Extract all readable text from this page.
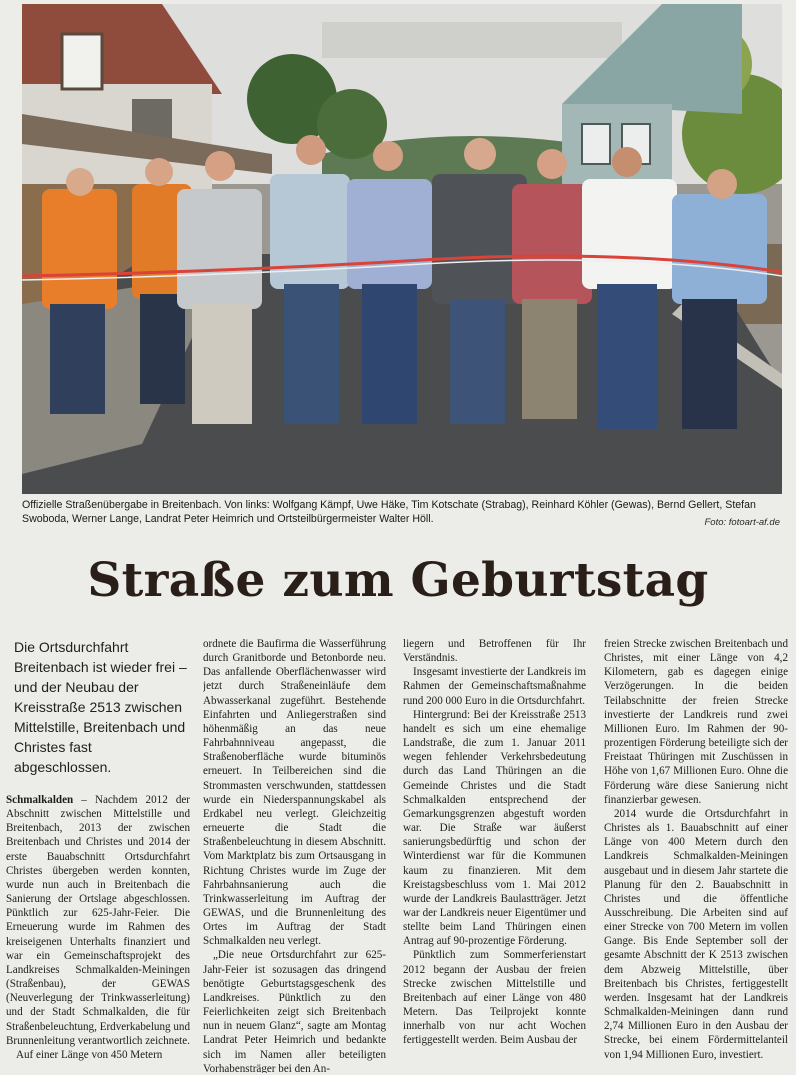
Offizielle Straßenübergabe in Breitenbach. Von links: Wolfgang Kämpf, Uwe Häke, Tim Kotschate (Strabag), Reinhard Köhler (Gewas), Bernd Gellert, Stefan Swoboda, Werner Lange, Landrat Peter Heimrich und Ortsteilbürgermeister Walter Höll.	Foto: fotoart-af.de
Straße zum Geburtstag
Die Ortsdurchfahrt Breitenbach ist wieder frei – und der Neubau der Kreisstraße 2513 zwischen Mittelstille, Breitenbach und Christes fast abgeschlossen.

Schmalkalden – Nachdem 2012 der Abschnitt zwischen Mittelstille und Breitenbach, 2013 der zwischen Breitenbach und Christes und 2014 der erste Bauabschnitt Ortsdurchfahrt Christes übergeben werden konnten, wurde nun auch in Breitenbach die Sanierung der Ortslage abgeschlossen. Pünktlich zur 625-Jahr-Feier. Die Erneuerung wurde im Rahmen des kreiseigenen Unterhalts finanziert und war ein Gemeinschaftsprojekt des Landkreises Schmalkalden-Meiningen (Straßenbau), der GEWAS (Neuverlegung der Trinkwasserleitung) und der Stadt Schmalkalden, die für Straßenbeleuchtung, Erdverkabelung und Brunnenleitung verantwortlich zeichnete.

Auf einer Länge von 450 Metern

ordnete die Baufirma die Wasserführung durch Granitborde und Betonborde neu. Das anfallende Oberflächenwasser wird jetzt durch Straßeneinläufe dem Abwasserkanal zugeführt. Bestehende Einfahrten und Anliegerstraßen sind höhenmäßig an das neue Fahrbahnniveau angepasst, die Straßenoberfläche wurde bituminös erneuert. In Teilbereichen sind die Strommasten verschwunden, stattdessen wurde ein Niederspannungskabel als Erdkabel neu verlegt. Gleichzeitig erneuerte die Stadt die Straßenbeleuchtung in diesem Abschnitt. Vom Marktplatz bis zum Ortsausgang in Richtung Christes wurde im Zuge der Fahrbahnsanierung auch die Trinkwasserleitung im Auftrag der GEWAS, und die Brunnenleitung des Ortes im Auftrag der Stadt Schmalkalden neu verlegt.

„Die neue Ortsdurchfahrt zur 625-Jahr-Feier ist sozusagen das dringend benötigte Geburtstagsgeschenk des Landkreises. Pünktlich zu den Feierlichkeiten zeigt sich Breitenbach nun in neuem Glanz“, sagte am Montag Landrat Peter Heimrich und bedankte sich im Namen aller beteiligten Vorhabensträger bei den An-

liegern und Betroffenen für Ihr Verständnis.

Insgesamt investierte der Landkreis im Rahmen der Gemeinschaftsmaßnahme rund 200 000 Euro in die Ortsdurchfahrt.

Hintergrund: Bei der Kreisstraße 2513 handelt es sich um eine ehemalige Landstraße, die zum 1. Januar 2011 wegen fehlender Verkehrsbedeutung durch das Land Thüringen an die Gemeinde Christes und die Stadt Schmalkalden entsprechend der Gemarkungsgrenzen abgestuft worden war. Die Straße war äußerst sanierungsbedürftig und schon der Winterdienst war für die Kommunen kaum zu finanzieren. Mit dem Kreistagsbeschluss vom 1. Mai 2012 wurde der Landkreis Baulastträger. Jetzt war der Landkreis neuer Eigentümer und stellte beim Land Thüringen einen Antrag auf 90-prozentige Förderung.

Pünktlich zum Sommerferienstart 2012 begann der Ausbau der freien Strecke zwischen Mittelstille und Breitenbach auf einer Länge von 480 Metern. Das Teilprojekt konnte innerhalb von nur acht Wochen fertiggestellt werden. Beim Ausbau der

freien Strecke zwischen Breitenbach und Christes, mit einer Länge von 4,2 Kilometern, gab es dagegen einige Verzögerungen. In die beiden Teilabschnitte der freien Strecke investierte der Landkreis rund zwei Millionen Euro. Im Rahmen der 90-prozentigen Förderung beteiligte sich der Freistaat Thüringen mit Zuschüssen in Höhe von 1,67 Millionen Euro. Ohne die Förderung wäre diese Sanierung nicht finanzierbar gewesen.

2014 wurde die Ortsdurchfahrt in Christes als 1. Bauabschnitt auf einer Länge von 400 Metern durch den Landkreis Schmalkalden-Meiningen ausgebaut und in diesem Jahr startete die Planung für den 2. Bauabschnitt in Christes und die öffentliche Ausschreibung. Die Arbeiten sind auf einer Strecke von 700 Metern im vollen Gange. Bis Ende September soll der gesamte Abschnitt der K 2513 zwischen dem Abzweig Mittelstille, über Breitenbach bis Christes, fertiggestellt werden. Insgesamt hat der Landkreis Schmalkalden-Meiningen dann rund 2,74 Millionen Euro in den Ausbau der Strecke, bei einem Fördermittelanteil von 1,94 Millionen Euro, investiert.
